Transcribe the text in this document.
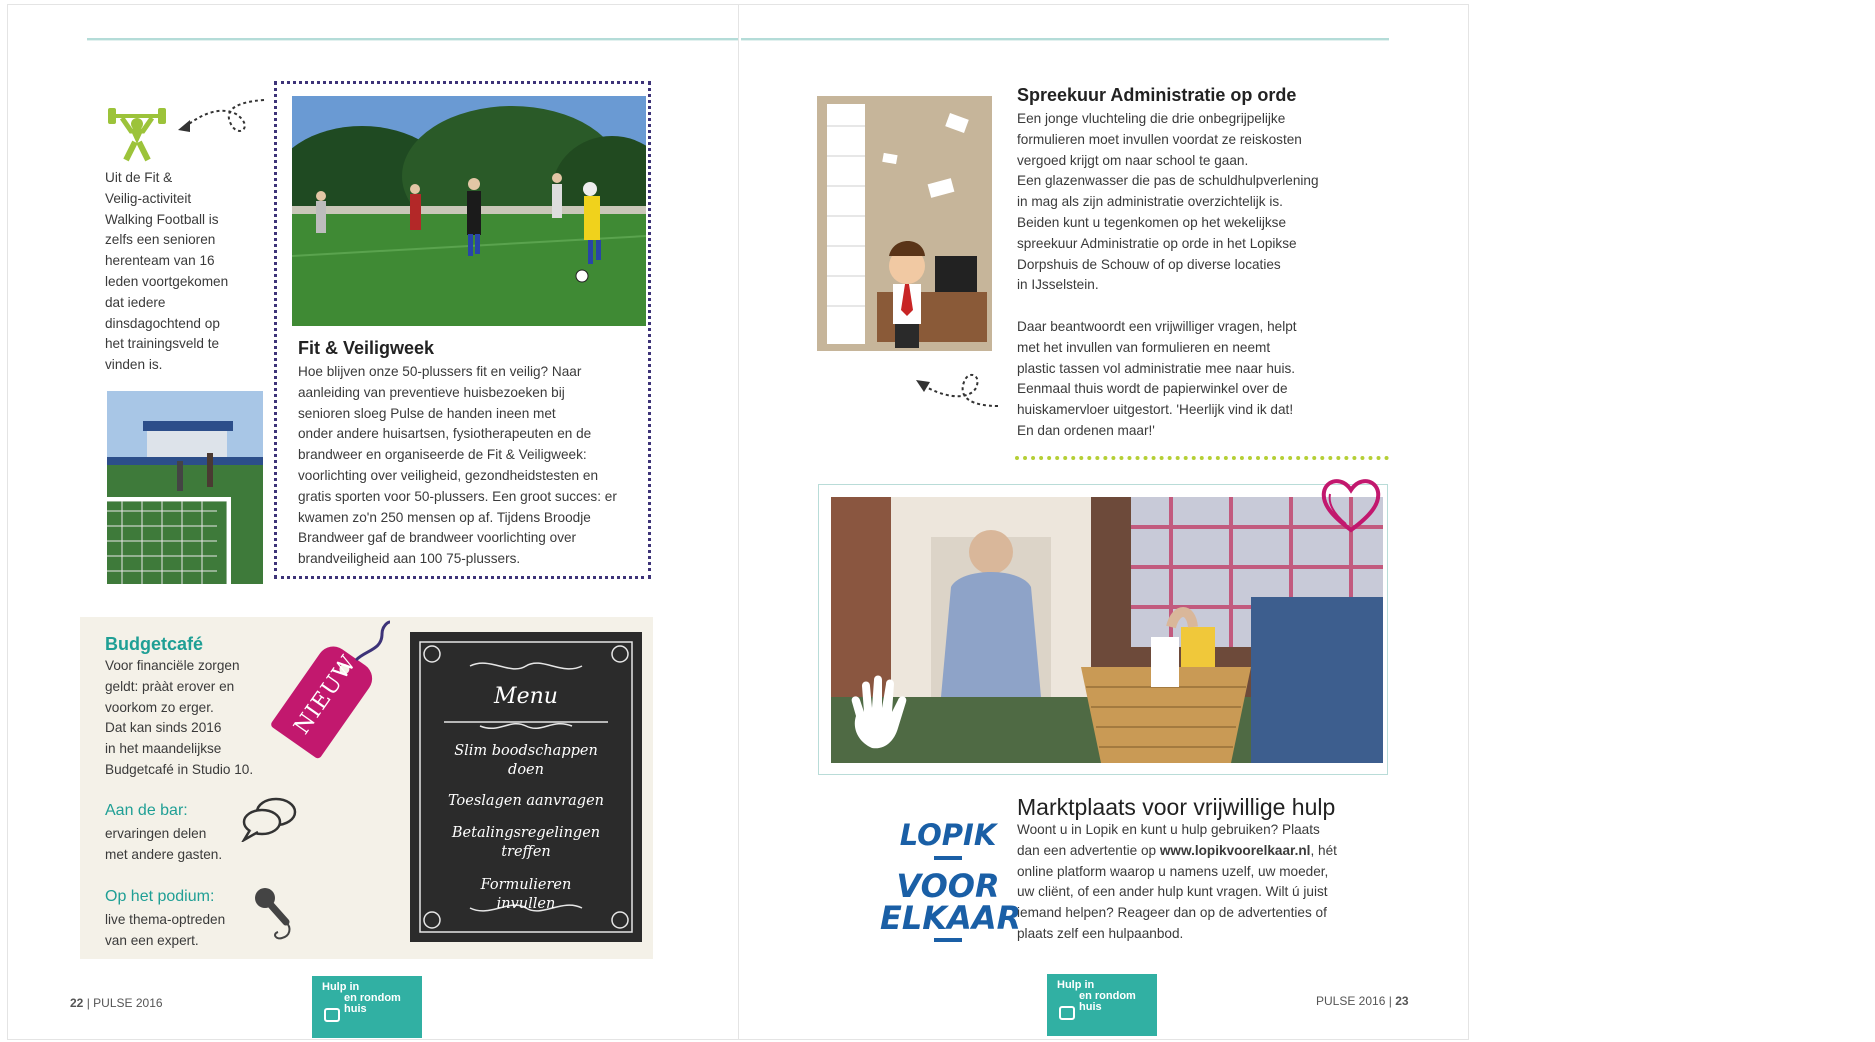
Uit de Fit &
Veilig-activiteit
Walking Football is
zelfs een senioren
herenteam van 16
leden voortgekomen
dat iedere
dinsdagochtend op
het trainingsveld te
vinden is.
Fit & Veiligweek
Hoe blijven onze 50-plussers fit en veilig? Naar
aanleiding van preventieve huisbezoeken bij
senioren sloeg Pulse de handen ineen met
onder andere huisartsen, fysiotherapeuten en de
brandweer en organiseerde de Fit & Veiligweek:
voorlichting over veiligheid, gezondheidstesten en
gratis sporten voor 50-plussers. Een groot succes: er
kwamen zo'n 250 mensen op af. Tijdens Broodje
Brandweer gaf de brandweer voorlichting over
brandveiligheid aan 100 75-plussers.
Budgetcafé
Voor financiële zorgen
geldt: prààt erover en
voorkom zo erger.
Dat kan sinds 2016
in het maandelijkse
Budgetcafé in Studio 10.
NIEUW
Aan de bar:
ervaringen delen
met andere gasten.
Op het podium:
live thema-optreden
van een expert.
Menu
Slim boodschappen
doen
Toeslagen aanvragen
Betalingsregelingen
treffen
Formulieren
invullen
22 | PULSE 2016
Hulp in
en rondom
huis
Spreekuur Administratie op orde
Een jonge vluchteling die drie onbegrijpelijke
formulieren moet invullen voordat ze reiskosten
vergoed krijgt om naar school te gaan.
Een glazenwasser die pas de schuldhulpverlening
in mag als zijn administratie overzichtelijk is.
Beiden kunt u tegenkomen op het wekelijkse
spreekuur Administratie op orde in het Lopikse
Dorpshuis de Schouw of op diverse locaties
in IJsselstein.
Daar beantwoordt een vrijwilliger vragen, helpt
met het invullen van formulieren en neemt
plastic tassen vol administratie mee naar huis.
Eenmaal thuis wordt de papierwinkel over de
huiskamervloer uitgestort. 'Heerlijk vind ik dat!
En dan ordenen maar!'
LOPIK
VOOR
ELKAAR
Marktplaats voor vrijwillige hulp
Woont u in Lopik en kunt u hulp gebruiken? Plaats
dan een advertentie op www.lopikvoorelkaar.nl, hét
online platform waarop u namens uzelf, uw moeder,
uw cliënt, of een ander hulp kunt vragen. Wilt ú juist
iemand helpen? Reageer dan op de advertenties of
plaats zelf een hulpaanbod.
Hulp in
en rondom
huis	PULSE 2016 | 23
